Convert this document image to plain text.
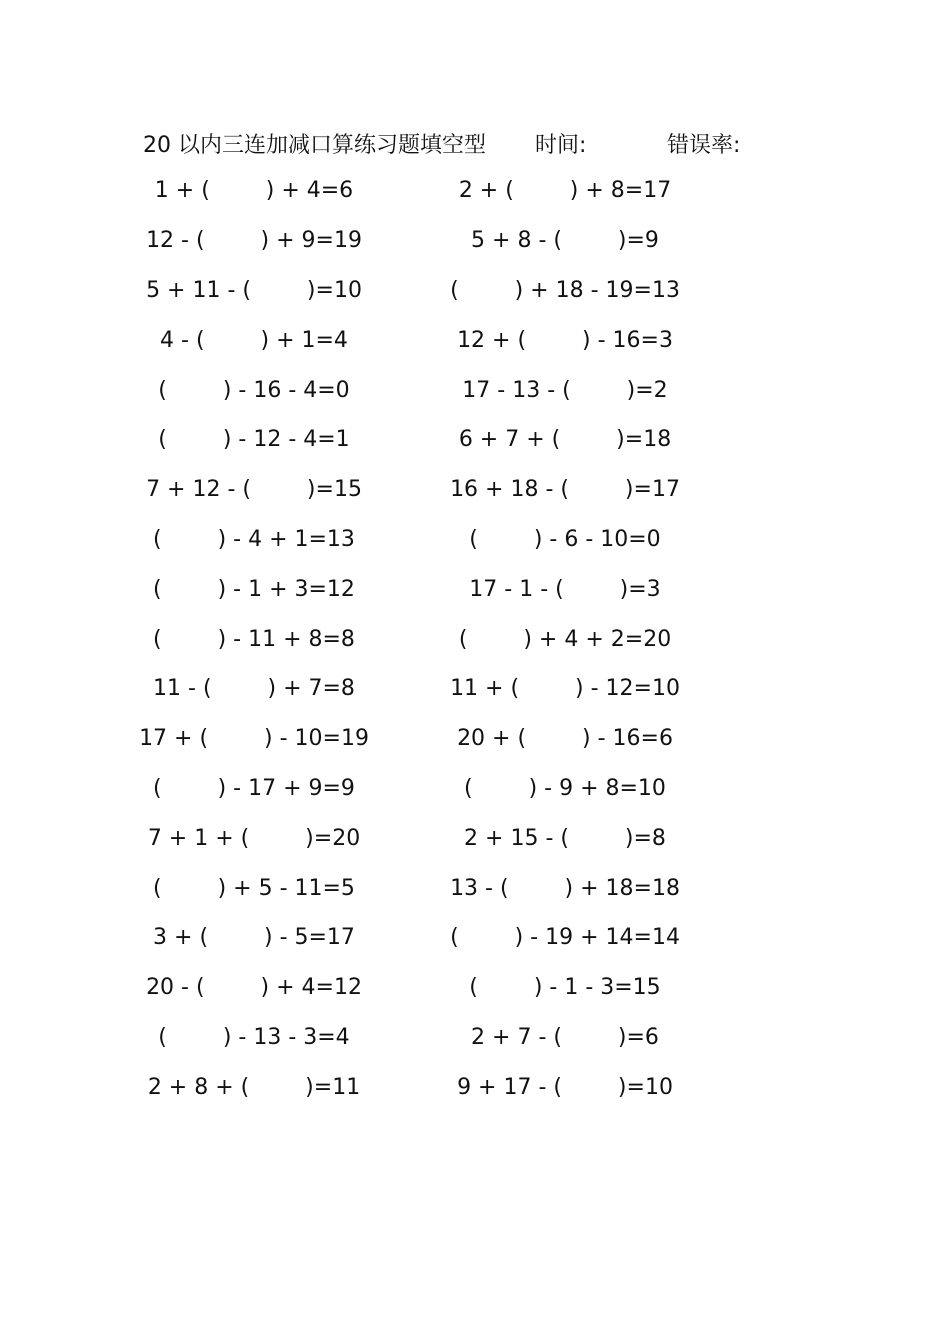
20 以内三连加减口算练习题填空型 时间:	错误率:
1 + (        ) + 4=6
12 - (        ) + 9=19
5 + 11 - (        )=10
4 - (        ) + 1=4
(        ) - 16 - 4=0
(        ) - 12 - 4=1
7 + 12 - (        )=15
(        ) - 4 + 1=13
(        ) - 1 + 3=12
(        ) - 11 + 8=8
11 - (        ) + 7=8
17 + (        ) - 10=19
(        ) - 17 + 9=9
7 + 1 + (        )=20
(        ) + 5 - 11=5
3 + (        ) - 5=17
20 - (        ) + 4=12
(        ) - 13 - 3=4
2 + 8 + (        )=11
2 + (        ) + 8=17
5 + 8 - (        )=9
(        ) + 18 - 19=13
12 + (        ) - 16=3
17 - 13 - (        )=2
6 + 7 + (        )=18
16 + 18 - (        )=17
(        ) - 6 - 10=0
17 - 1 - (        )=3
(        ) + 4 + 2=20
11 + (        ) - 12=10
20 + (        ) - 16=6
(        ) - 9 + 8=10
2 + 15 - (        )=8
13 - (        ) + 18=18
(        ) - 19 + 14=14
(        ) - 1 - 3=15
2 + 7 - (        )=6
9 + 17 - (        )=10
